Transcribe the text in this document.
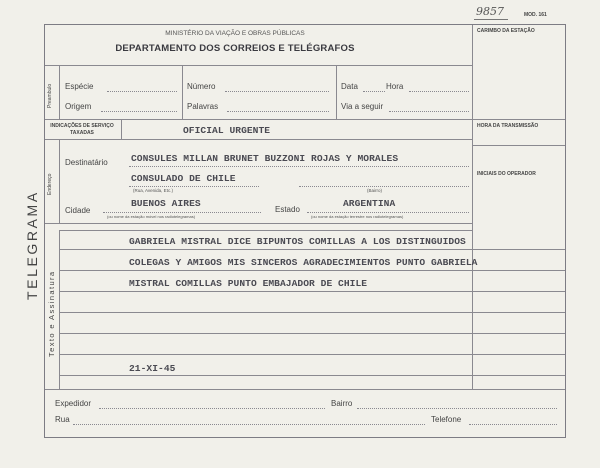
9857	MOD. 161
TELEGRAMA
MINISTÉRIO DA VIAÇÃO E OBRAS PÚBLICAS
DEPARTAMENTO DOS CORREIOS E TELÉGRAFOS
CARIMBO DA ESTAÇÃO
Preambulo Espécie	Número	Data	Hora
Origem	Palavras	Via a seguir
INDICAÇÕES DE SERVIÇO TAXADAS	OFICIAL URGENTE	HORA DA TRANSMISSÃO
INICIAIS DO OPERADOR
Endereço
Destinatário CONSULES MILLAN BRUNET BUZZONI ROJAS Y MORALES
CONSULADO DE CHILE
(Rua, Avenida, Etc.)	(Bairro)
Cidade
BUENOS AIRES
Estado
ARGENTINA
(ou nome da estação móvel nos radiotelegramas)	(ou nome da estação terrestre nos radiotelegramas)
Texto e Assinatura
GABRIELA MISTRAL DICE BIPUNTOS COMILLAS A LOS DISTINGUIDOS
COLEGAS Y AMIGOS MIS SINCEROS AGRADECIMIENTOS PUNTO GABRIELA
MISTRAL COMILLAS PUNTO EMBAJADOR DE CHILE
21-XI-45
Expedidor	Bairro
Rua	Telefone
